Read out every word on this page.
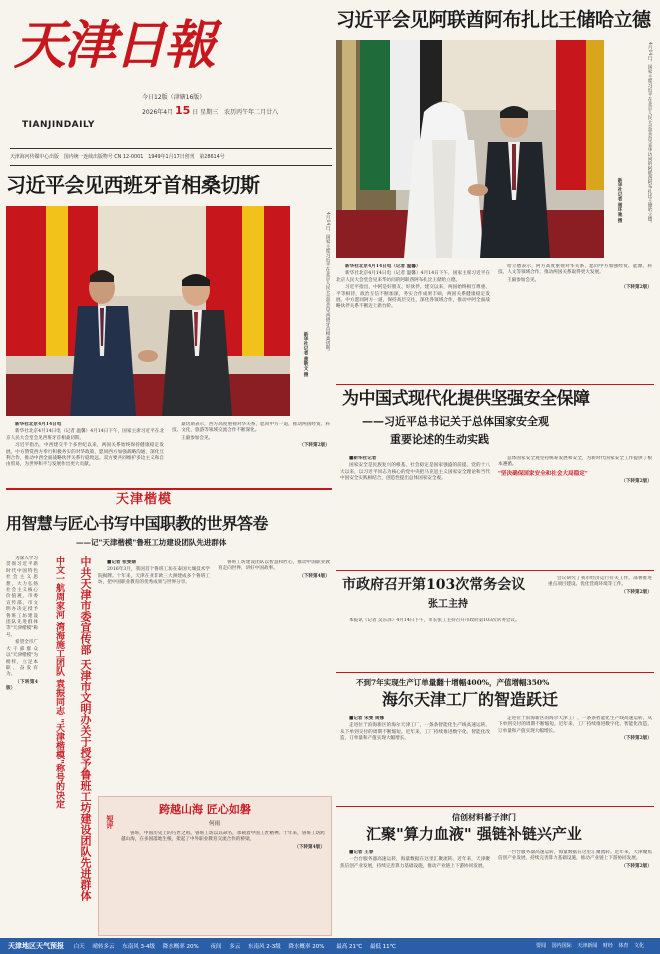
天津日報
TIANJINDAILY
今日12版（津辖16版）
2026年4月 15 日 星期三　农历丙午年二月廿八
天津海河传媒中心出版　国内统一连续出版物号 CN 12-0001　1949年1月17日创刊　第28614号
习近平会见阿联酋阿布扎比王储哈立德
4月14日，国家主席习近平在北京人民大会堂会见来华访问的阿联酋阿布扎比王储哈立德。
新华社记者 谢环驰 摄

新华社北京4月14日电（记者 温馨）

新华社北京4月14日电（记者 温馨）4月14日下午，国家主席习近平在北京人民大会堂会见来华访问的阿联酋阿布扎比王储哈立德。

习近平指出，中阿是好朋友、好伙伴。建交以来，两国始终相互尊重、平等相待，政治互信不断加深，务实合作成果丰硕，两国关系健康稳定发展。中方愿同阿方一道，保持高层交往，深化各领域合作，推动中阿全面战略伙伴关系不断迈上新台阶。

哈立德表示，阿方高度重视对华关系，愿同中方加强经贸、能源、科技、人文等领域合作，推动两国关系取得更大发展。

王毅参加会见。

（下转第2版）

习近平会见西班牙首相桑切斯
4月14日，国家主席习近平在北京人民大会堂会见西班牙首相桑切斯。
新华社记者 黄敬文 摄

新华社北京4月14日电

新华社北京4月14日电（记者 温馨）4月14日下午，国家主席习近平在北京人民大会堂会见西班牙首相桑切斯。

习近平指出，中西建交半个多世纪以来，两国关系始终保持健康稳定发展。中方赞赏西方奉行积极务实的对华政策，愿同西方加强战略沟通，深化互利合作，推动中西全面战略伙伴关系行稳致远。双方要共同维护多边主义和自由贸易，为世界和平与发展作出更大贡献。

桑切斯表示，西方高度重视对华关系，愿同中方一道，推动两国经贸、科技、文化、旅游等领域交流合作不断深化。

王毅参加会见。

（下转第2版）

为中国式现代化提供坚强安全保障
——习近平总书记关于总体国家安全观
重要论述的生动实践

■新华社记者

国家安全是民族复兴的根基，社会稳定是国家强盛的前提。党的十八大以来，以习近平同志为核心的党中央把马克思主义国家安全理论和当代中国安全实践相结合，创造性提出总体国家安全观。

总体国家安全观坚持统筹发展和安全，为新时代国家安全工作提供了根本遵循。

"坚决确保国家安全和社会大局稳定"

（下转第2版）

天津楷模
用智慧与匠心书写中国职教的世界答卷
——记"天津楷模"鲁班工坊建设团队先进群体
中共天津市委宣传部 天津市文明办关于授予鲁班工坊建设团队先进群体
中文一航周家河 湾海施工团队 袁振同志 "天津楷模"称号的决定

为深入学习贯彻习近平新时代中国特色社会主义思想，大力弘扬社会主义核心价值观，市委宣传部、市文明办决定授予鲁班工坊建设团队先进群体等"天津楷模"称号。

希望全市广大干部群众以"天津楷模"为榜样，立足本职、奋发有为。

（下转第4版）

■记者 张雯婧

2016年3月，我国首个鲁班工坊在泰国大城技术学院揭牌。十年来，天津在亚非欧三大洲建成多个鲁班工坊，把中国职业教育的优秀成果与世界分享。

鲁班工坊建设团队以智慧和匠心，推动中国职业教育走向世界，讲好中国故事。

（下转第4版）

短评
跨越山海 匠心如磐
何雨

鲁班，中国历史上的巧匠之祖。鲁班工坊以其命名，承载着中国工匠精神。十年来，鲁班工坊跨越山海，在多国落地生根，架起了中外职业教育交流合作的桥梁。

（下转第4版）

市政府召开第103次常务会议
张工主持

本报讯（记者 吴东泽）4月14日下午，市长张工主持召开市政府第103次常务会议。

会议研究了我市经济运行有关工作，部署推进重点项目建设、优化营商环境等工作。

（下转第2版）

不到7年实现生产订单量翻十增幅400%，产值增幅350%
海尔天津工厂的智造跃迁

■记者 宋雯 周娜

走进位于滨海新区的海尔天津工厂，一条条智能化生产线高速运转，从下单到交付的周期不断缩短。近年来，工厂持续推进数字化、智能化改造，订单量和产值实现大幅增长。

走进位于滨海新区的海尔天津工厂，一条条智能化生产线高速运转，从下单到交付的周期不断缩短。近年来，工厂持续推进数字化、智能化改造，订单量和产值实现大幅增长。

（下转第2版）

信创材料蓄子津门
汇聚"算力血液" 强链补链兴产业

■记者 王春

一台台服务器高速运转，海量数据在这里汇聚流转。近年来，天津聚焦信创产业发展，持续完善算力基础设施，推动产业链上下游协同发展。

一台台服务器高速运转，海量数据在这里汇聚流转。近年来，天津聚焦信创产业发展，持续完善算力基础设施，推动产业链上下游协同发展。

（下转第2版）

天津地区天气预报 白天 晴转多云 东南风 3-4级 降水概率 20% 夜间 多云 东南风 2-3级 降水概率 20% 最高 21℃ 最低 11℃	要闻 国内国际 天津新闻 财经 体育 文化
